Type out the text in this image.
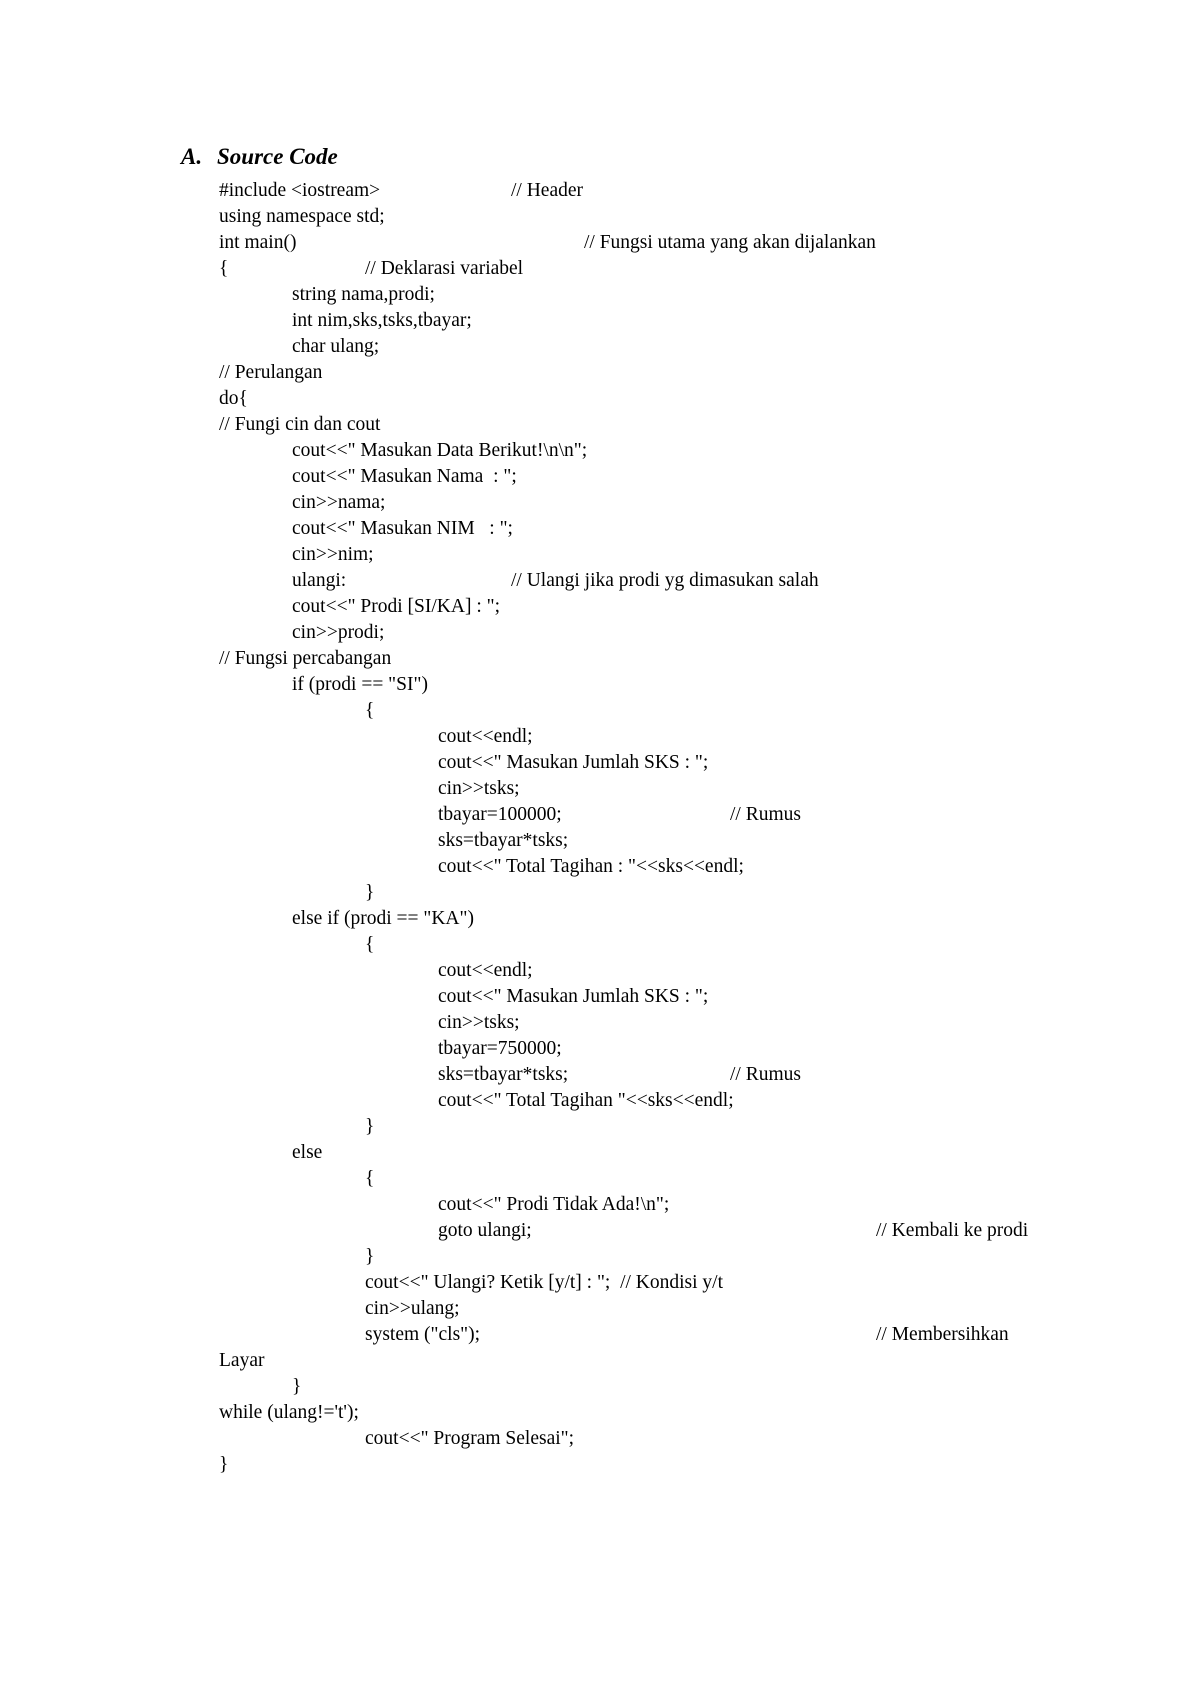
A. Source Code
#include <iostream>	// Header
using namespace std;
int main()	// Fungsi utama yang akan dijalankan
{	// Deklarasi variabel
string nama,prodi;
int nim,sks,tsks,tbayar;
char ulang;
// Perulangan
do{
// Fungi cin dan cout
cout<<" Masukan Data Berikut!\n\n";
cout<<" Masukan Nama  : ";
cin>>nama;
cout<<" Masukan NIM   : ";
cin>>nim;
ulangi:	// Ulangi jika prodi yg dimasukan salah
cout<<" Prodi [SI/KA] : ";
cin>>prodi;
// Fungsi percabangan
if (prodi == "SI")
{
cout<<endl;
cout<<" Masukan Jumlah SKS : ";
cin>>tsks;
tbayar=100000;	// Rumus
sks=tbayar*tsks;
cout<<" Total Tagihan : "<<sks<<endl;
}
else if (prodi == "KA")
{
cout<<endl;
cout<<" Masukan Jumlah SKS : ";
cin>>tsks;
tbayar=750000;
sks=tbayar*tsks;	// Rumus
cout<<" Total Tagihan "<<sks<<endl;
}
else
{
cout<<" Prodi Tidak Ada!\n";
goto ulangi;	// Kembali ke prodi
}
cout<<" Ulangi? Ketik [y/t] : ";  // Kondisi y/t
cin>>ulang;
system ("cls");	// Membersihkan
Layar
}
while (ulang!='t');
cout<<" Program Selesai";
}
